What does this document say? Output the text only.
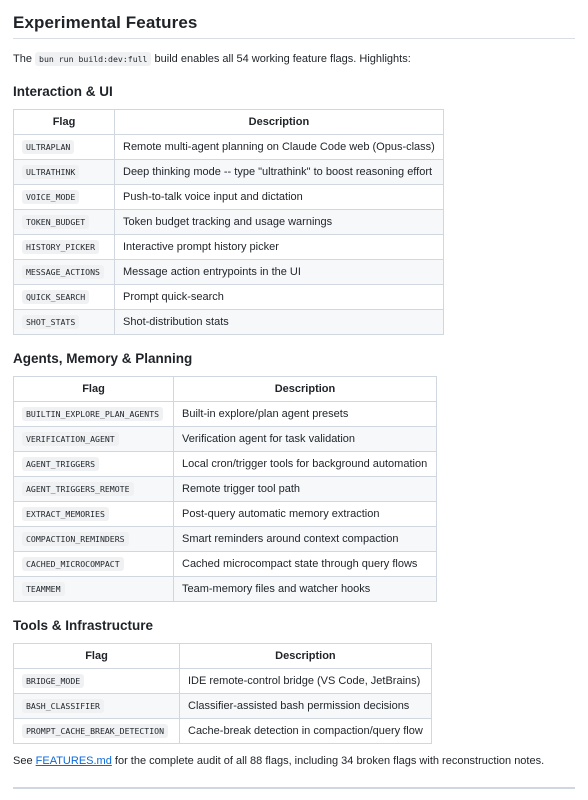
Experimental Features

The bun run build:dev:full build enables all 54 working feature flags. Highlights:

Interaction & UI
Flag	Description
ULTRAPLAN	Remote multi-agent planning on Claude Code web (Opus-class)
ULTRATHINK	Deep thinking mode -- type "ultrathink" to boost reasoning effort
VOICE_MODE	Push-to-talk voice input and dictation
TOKEN_BUDGET	Token budget tracking and usage warnings
HISTORY_PICKER	Interactive prompt history picker
MESSAGE_ACTIONS	Message action entrypoints in the UI
QUICK_SEARCH	Prompt quick-search
SHOT_STATS	Shot-distribution stats
Agents, Memory & Planning
Flag	Description
BUILTIN_EXPLORE_PLAN_AGENTS	Built-in explore/plan agent presets
VERIFICATION_AGENT	Verification agent for task validation
AGENT_TRIGGERS	Local cron/trigger tools for background automation
AGENT_TRIGGERS_REMOTE	Remote trigger tool path
EXTRACT_MEMORIES	Post-query automatic memory extraction
COMPACTION_REMINDERS	Smart reminders around context compaction
CACHED_MICROCOMPACT	Cached microcompact state through query flows
TEAMMEM	Team-memory files and watcher hooks
Tools & Infrastructure
Flag	Description
BRIDGE_MODE	IDE remote-control bridge (VS Code, JetBrains)
BASH_CLASSIFIER	Classifier-assisted bash permission decisions
PROMPT_CACHE_BREAK_DETECTION	Cache-break detection in compaction/query flow

See FEATURES.md for the complete audit of all 88 flags, including 34 broken flags with reconstruction notes.
